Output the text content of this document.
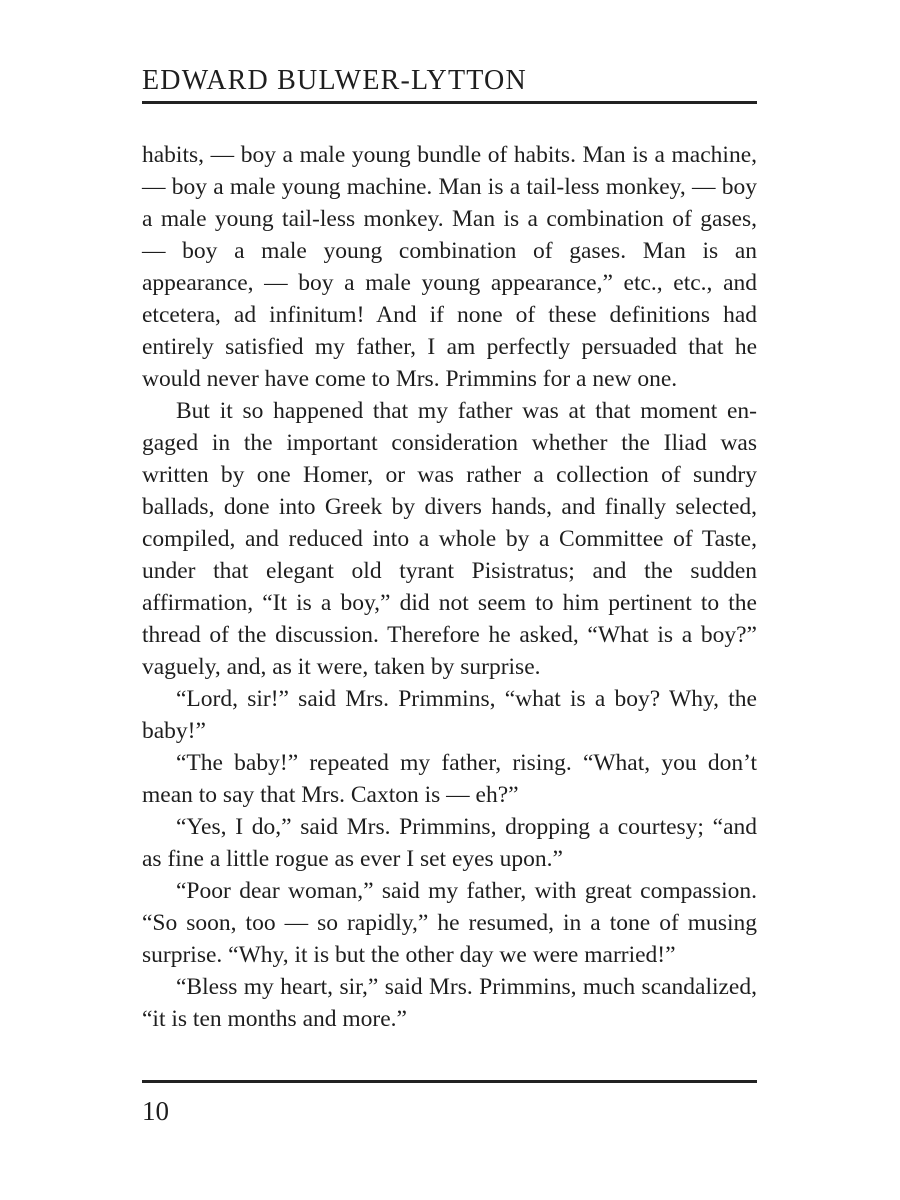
EDWARD BULWER-LYTTON

habits, — boy a male young bundle of habits. Man is a machine, — boy a male young machine. Man is a tail-less monkey, — boy a male young tail-less monkey. Man is a combination of gases, — boy a male young combination of gases. Man is an appearance, — boy a male young appearance,” etc., etc., and etcetera, ad infinitum! And if none of these definitions had entirely satisfied my father, I am perfectly persuaded that he would never have come to Mrs. Primmins for a new one.

But it so happened that my father was at that moment engaged in the important consideration whether the Iliad was written by one Homer, or was rather a collection of sundry ballads, done into Greek by divers hands, and finally selected, compiled, and reduced into a whole by a Committee of Taste, under that elegant old tyrant Pisistratus; and the sudden affirmation, “It is a boy,” did not seem to him pertinent to the thread of the discussion. Therefore he asked, “What is a boy?” vaguely, and, as it were, taken by surprise.

“Lord, sir!” said Mrs. Primmins, “what is a boy? Why, the baby!”

“The baby!” repeated my father, rising. “What, you don’t mean to say that Mrs. Caxton is — eh?”

“Yes, I do,” said Mrs. Primmins, dropping a courtesy; “and as fine a little rogue as ever I set eyes upon.”

“Poor dear woman,” said my father, with great compassion. “So soon, too — so rapidly,” he resumed, in a tone of musing surprise. “Why, it is but the other day we were married!”

“Bless my heart, sir,” said Mrs. Primmins, much scandalized, “it is ten months and more.”

10
